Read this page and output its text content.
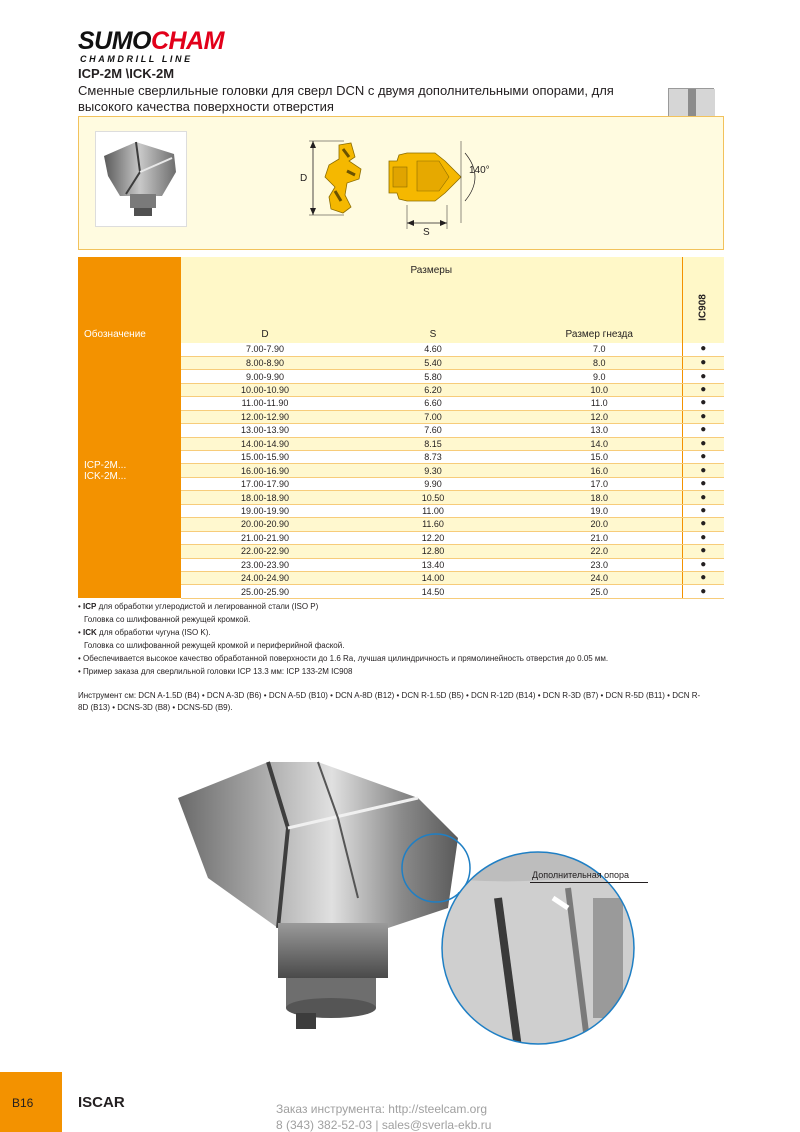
SUMOCHAM
CHAMDRILL LINE
ICP-2M \ICK-2M
Сменные сверлильные головки для сверл DCN с двумя дополнительными опорами, для высокого качества поверхности отверстия
D
140°
S
Обозначение	Размеры			IC908

	D	S	Размер гнезда	

ICP-2M...
ICK-2M...	7.00-7.90	4.60	7.0	●
	8.00-8.90	5.40	8.0	●
	9.00-9.90	5.80	9.0	●
	10.00-10.90	6.20	10.0	●
	11.00-11.90	6.60	11.0	●
	12.00-12.90	7.00	12.0	●
	13.00-13.90	7.60	13.0	●
	14.00-14.90	8.15	14.0	●
	15.00-15.90	8.73	15.0	●
	16.00-16.90	9.30	16.0	●
	17.00-17.90	9.90	17.0	●
	18.00-18.90	10.50	18.0	●
	19.00-19.90	11.00	19.0	●
	20.00-20.90	11.60	20.0	●
	21.00-21.90	12.20	21.0	●
	22.00-22.90	12.80	22.0	●
	23.00-23.90	13.40	23.0	●
	24.00-24.90	14.00	24.0	●
	25.00-25.90	14.50	25.0	●

• ICP для обработки углеродистой и легированной стали (ISO P)

Головка со шлифованной режущей кромкой.

• ICK для обработки чугуна (ISO K).

Головка со шлифованной режущей кромкой и периферийной фаской.

• Обеспечивается высокое качество обработанной поверхности до 1.6 Ra, лучшая цилиндричность и прямолинейность отверстия до 0.05 мм.

• Пример заказа для сверлильной головки ICP 13.3 мм: ICP 133-2M IC908

Инструмент см: DCN A-1.5D (B4) • DCN A-3D (B6) • DCN A-5D (B10) • DCN A-8D (B12) • DCN R-1.5D (B5) • DCN R-12D (B14) • DCN R-3D (B7) • DCN R-5D (B11) • DCN R-8D (B13) • DCNS-3D (B8) • DCNS-5D (B9).
Дополнительная опора
B16	ISCAR	Заказ инструмента: http://steelcam.org
8 (343) 382-52-03 | sales@sverla-ekb.ru
